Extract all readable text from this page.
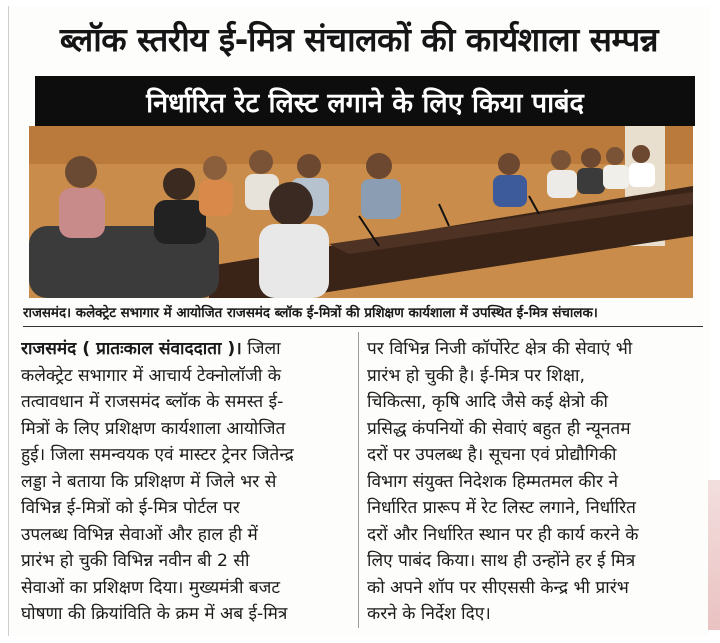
ब्लॉक स्तरीय ई-मित्र संचालकों की कार्यशाला सम्पन्न
निर्धारित रेट लिस्ट लगाने के लिए किया पाबंद
राजसमंद। कलेक्ट्रेट सभागार में आयोजित राजसमंद ब्लॉक ई-मित्रों की प्रशिक्षण कार्यशाला में उपस्थित ई-मित्र संचालक।
राजसमंद ( प्रातःकाल संवाददाता )। जिला
कलेक्ट्रेट सभागार में आचार्य टेक्नोलॉजी के
तत्वावधान में राजसमंद ब्लॉक के समस्त ई-
मित्रों के लिए प्रशिक्षण कार्यशाला आयोजित
हुई। जिला समन्वयक एवं मास्टर ट्रेनर जितेन्द्र
लड्डा ने बताया कि प्रशिक्षण में जिले भर से
विभिन्न ई-मित्रों को ई-मित्र पोर्टल पर
उपलब्ध विभिन्न सेवाओं और हाल ही में
प्रारंभ हो चुकी विभिन्न नवीन बी 2 सी
सेवाओं का प्रशिक्षण दिया। मुख्यमंत्री बजट
घोषणा की क्रियांविति के क्रम में अब ई-मित्र
पर विभिन्न निजी कॉर्पोरेट क्षेत्र की सेवाएं भी
प्रारंभ हो चुकी है। ई-मित्र पर शिक्षा,
चिकित्सा, कृषि आदि जैसे कई क्षेत्रो की
प्रसिद्ध कंपनियों की सेवाएं बहुत ही न्यूनतम
दरों पर उपलब्ध है। सूचना एवं प्रोद्यौगिकी
विभाग संयुक्त निदेशक हिम्मतमल कीर ने
निर्धारित प्रारूप में रेट लिस्ट लगाने, निर्धारित
दरों और निर्धारित स्थान पर ही कार्य करने के
लिए पाबंद किया। साथ ही उन्होंने हर ई मित्र
को अपने शॉप पर सीएससी केन्द्र भी प्रारंभ
करने के निर्देश दिए।
